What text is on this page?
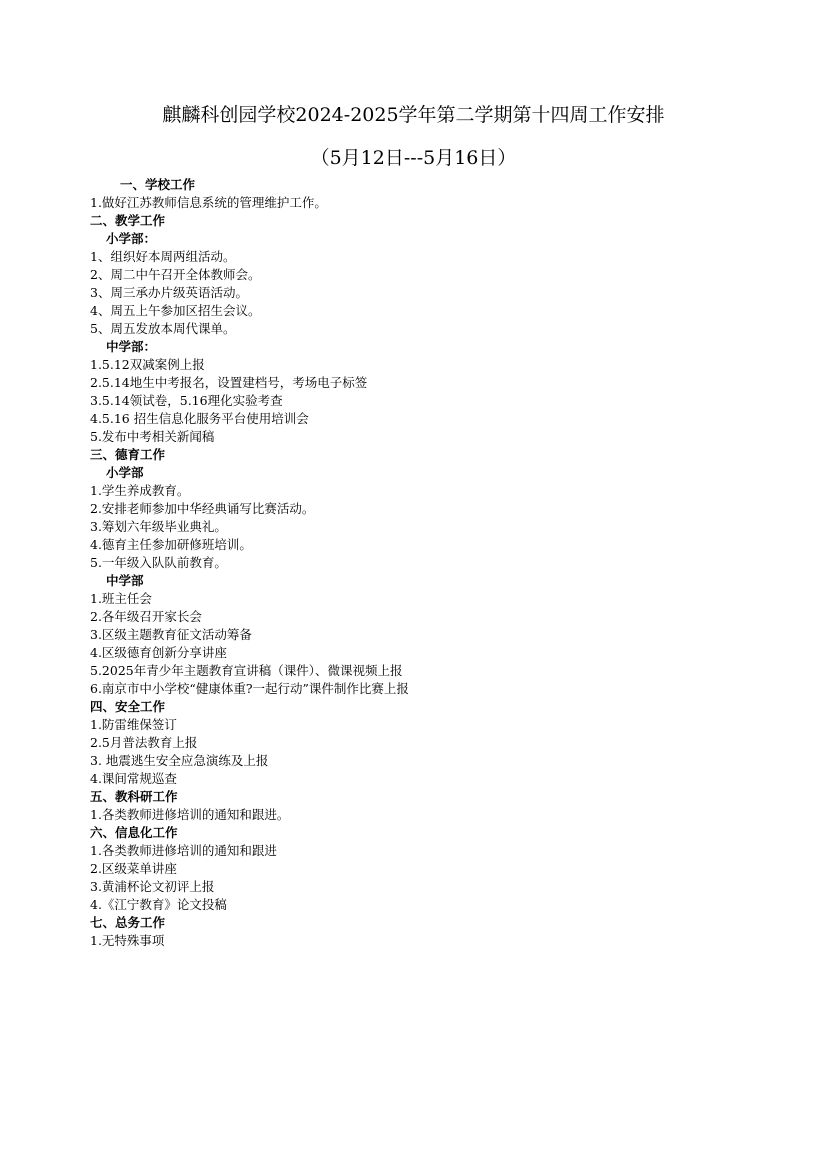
麒麟科创园学校2024-2025学年第二学期第十四周工作安排
（5月12日---5月16日）
一、学校工作
1.做好江苏教师信息系统的管理维护工作。
二、教学工作
小学部：
1、组织好本周两组活动。
2、周二中午召开全体教师会。
3、周三承办片级英语活动。
4、周五上午参加区招生会议。
5、周五发放本周代课单。
中学部：
1.5.12双减案例上报
2.5.14地生中考报名，设置建档号，考场电子标签
3.5.14领试卷，5.16理化实验考查
4.5.16 招生信息化服务平台使用培训会
5.发布中考相关新闻稿
三、德育工作
小学部
1.学生养成教育。
2.安排老师参加中华经典诵写比赛活动。
3.筹划六年级毕业典礼。
4.德育主任参加研修班培训。
5.一年级入队队前教育。
中学部
1.班主任会
2.各年级召开家长会
3.区级主题教育征文活动筹备
4.区级德育创新分享讲座
5.2025年青少年主题教育宣讲稿（课件）、微课视频上报
6.南京市中小学校“健康体重?一起行动”课件制作比赛上报
四、安全工作
1.防雷维保签订
2.5月普法教育上报
3. 地震逃生安全应急演练及上报
4.课间常规巡查
五、教科研工作
1.各类教师进修培训的通知和跟进。
六、信息化工作
1.各类教师进修培训的通知和跟进
2.区级菜单讲座
3.黄浦杯论文初评上报
4.《江宁教育》论文投稿
七、总务工作
1.无特殊事项
